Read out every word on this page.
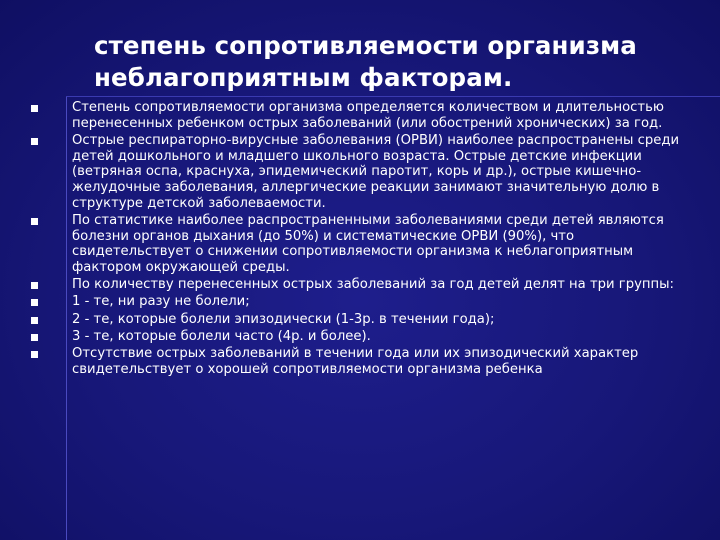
степень сопротивляемости организма
неблагоприятным факторам.
Степень сопротивляемости организма определяется количеством и длительностью перенесенных ребенком острых заболеваний (или обострений хронических) за год.
Острые респираторно-вирусные заболевания (ОРВИ) наиболее распространены среди детей дошкольного и младшего школьного возраста. Острые детские инфекции (ветряная оспа, краснуха, эпидемический паротит, корь и др.), острые кишечно-желудочные заболевания, аллергические реакции занимают значительную долю в структуре детской заболеваемости.
По статистике наиболее распространенными заболеваниями среди детей являются болезни органов дыхания (до 50%) и систематические ОРВИ (90%), что свидетельствует о снижении сопротивляемости организма к неблагоприятным фактором окружающей среды.
По количеству перенесенных острых заболеваний за год детей делят на три группы:
1 - те, ни разу не болели;
2 - те, которые болели эпизодически (1-3р. в течении года);
3 - те, которые болели часто (4р. и более).
Отсутствие острых заболеваний в течении года или их эпизодический характер свидетельствует о хорошей сопротивляемости организма ребенка
